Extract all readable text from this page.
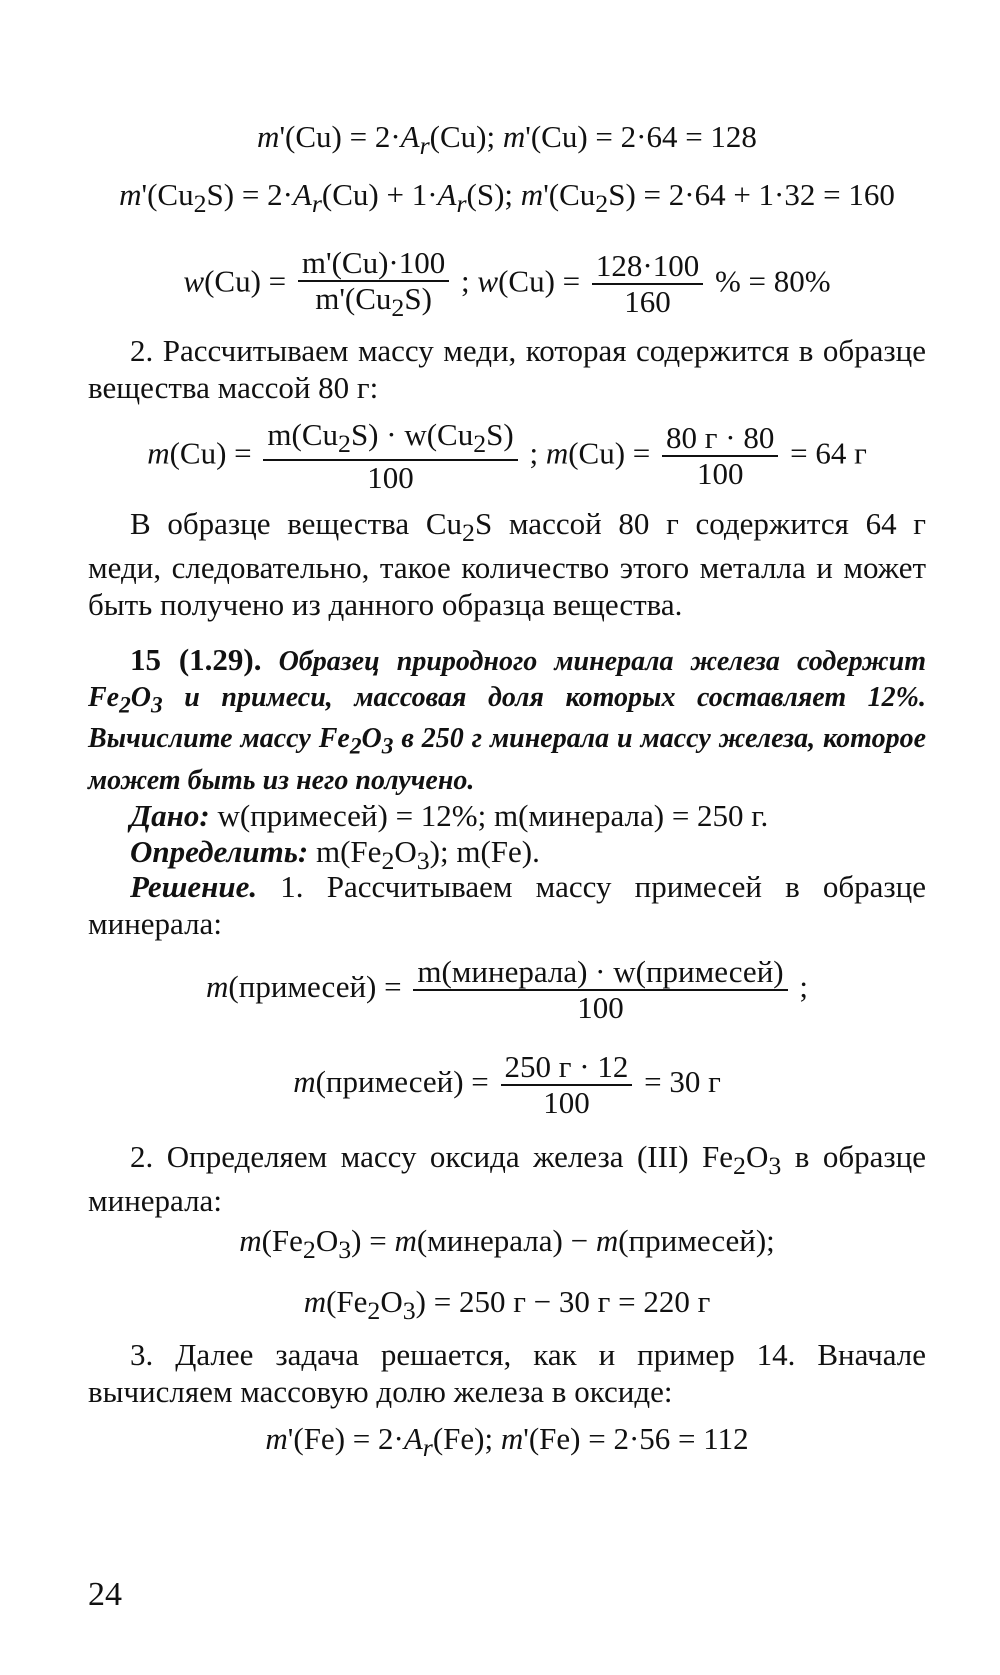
$m'(Cu) = 2\cdot A_r(Cu)$; m'(Cu) = 2·64 = 128
$m'(Cu_2S) = 2\cdot A_r(Cu) + 1\cdot A_r(S)$; $m'(Cu_2S) = 2\cdot 64 + 1\cdot 32 = 160$
$w(Cu) = \frac{m'(Cu)\cdot 100}{m'(Cu_2S)}$ ; $w(Cu) = \frac{128\cdot 100}{160}$ % = 80%
2. Рассчитываем массу меди, которая содержится в образце вещества массой 80 г:
$m(Cu) = \frac{m(Cu_2S) \cdot w(Cu_2S)}{100}$ ; $m(Cu) = \frac{80 г \cdot 80}{100} = 64$ г
В образце вещества $Cu_2S$ массой 80 г содержится 64 г меди, следовательно, такое количество этого металла и может быть получено из данного образца вещества.
15 (1.29). Образец природного минерала железа содержит $Fe_2O_3$ и примеси, массовая доля которых составляет 12%. Вычислите массу $Fe_2O_3$ в 250 г минерала и массу железа, которое может быть из него получено.
Дано: w(примесей) = 12%; m(минерала) = 250 г.
Определить: $m(Fe_2O_3)$; m(Fe).
Решение. 1. Рассчитываем массу примесей в образце минерала:
m(примесей) = $\frac{\text{m(минерала) · w(примесей)}}{100}$ ;
m(примесей) = $\frac{250 г \cdot 12}{100} = 30$ г
2. Определяем массу оксида железа (III) $Fe_2O_3$ в образце минерала:
$m(Fe_2O_3)$ = m(минерала) − m(примесей);
$m(Fe_2O_3) = 250$ г − 30 г = 220 г
3. Далее задача решается, как и пример 14. Вначале вычисляем массовую долю железа в оксиде:
$m'(Fe) = 2\cdot A_r(Fe)$; m'(Fe) = 2·56 = 112
24
